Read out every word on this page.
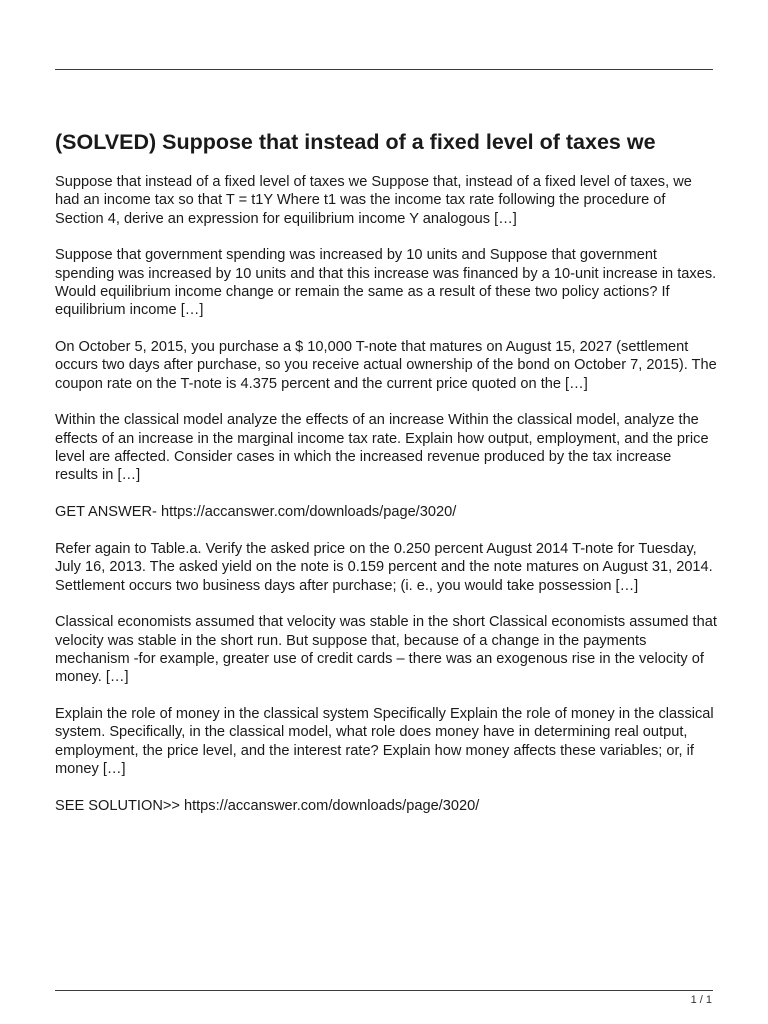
(SOLVED) Suppose that instead of a fixed level of taxes we

Suppose that instead of a fixed level of taxes we Suppose that, instead of a fixed level of taxes, we had an income tax so that T = t1Y Where t1 was the income tax rate following the procedure of Section 4, derive an expression for equilibrium income Y analogous […]

Suppose that government spending was increased by 10 units and Suppose that government spending was increased by 10 units and that this increase was financed by a 10-unit increase in taxes. Would equilibrium income change or remain the same as a result of these two policy actions? If equilibrium income […]

On October 5, 2015, you purchase a $ 10,000 T-note that matures on August 15, 2027 (settlement occurs two days after purchase, so you receive actual ownership of the bond on October 7, 2015). The coupon rate on the T-note is 4.375 percent and the current price quoted on the […]

Within the classical model analyze the effects of an increase Within the classical model, analyze the effects of an increase in the marginal income tax rate. Explain how output, employment, and the price level are affected. Consider cases in which the increased revenue produced by the tax increase results in […]

GET ANSWER- https://accanswer.com/downloads/page/3020/

Refer again to Table.a. Verify the asked price on the 0.250 percent August 2014 T-note for Tuesday, July 16, 2013. The asked yield on the note is 0.159 percent and the note matures on August 31, 2014. Settlement occurs two business days after purchase; (i. e., you would take possession […]

Classical economists assumed that velocity was stable in the short Classical economists assumed that velocity was stable in the short run. But suppose that, because of a change in the payments mechanism -for example, greater use of credit cards – there was an exogenous rise in the velocity of money. […]

Explain the role of money in the classical system Specifically Explain the role of money in the classical system. Specifically, in the classical model, what role does money have in determining real output, employment, the price level, and the interest rate? Explain how money affects these variables; or, if money […]

SEE SOLUTION>> https://accanswer.com/downloads/page/3020/

1 / 1
